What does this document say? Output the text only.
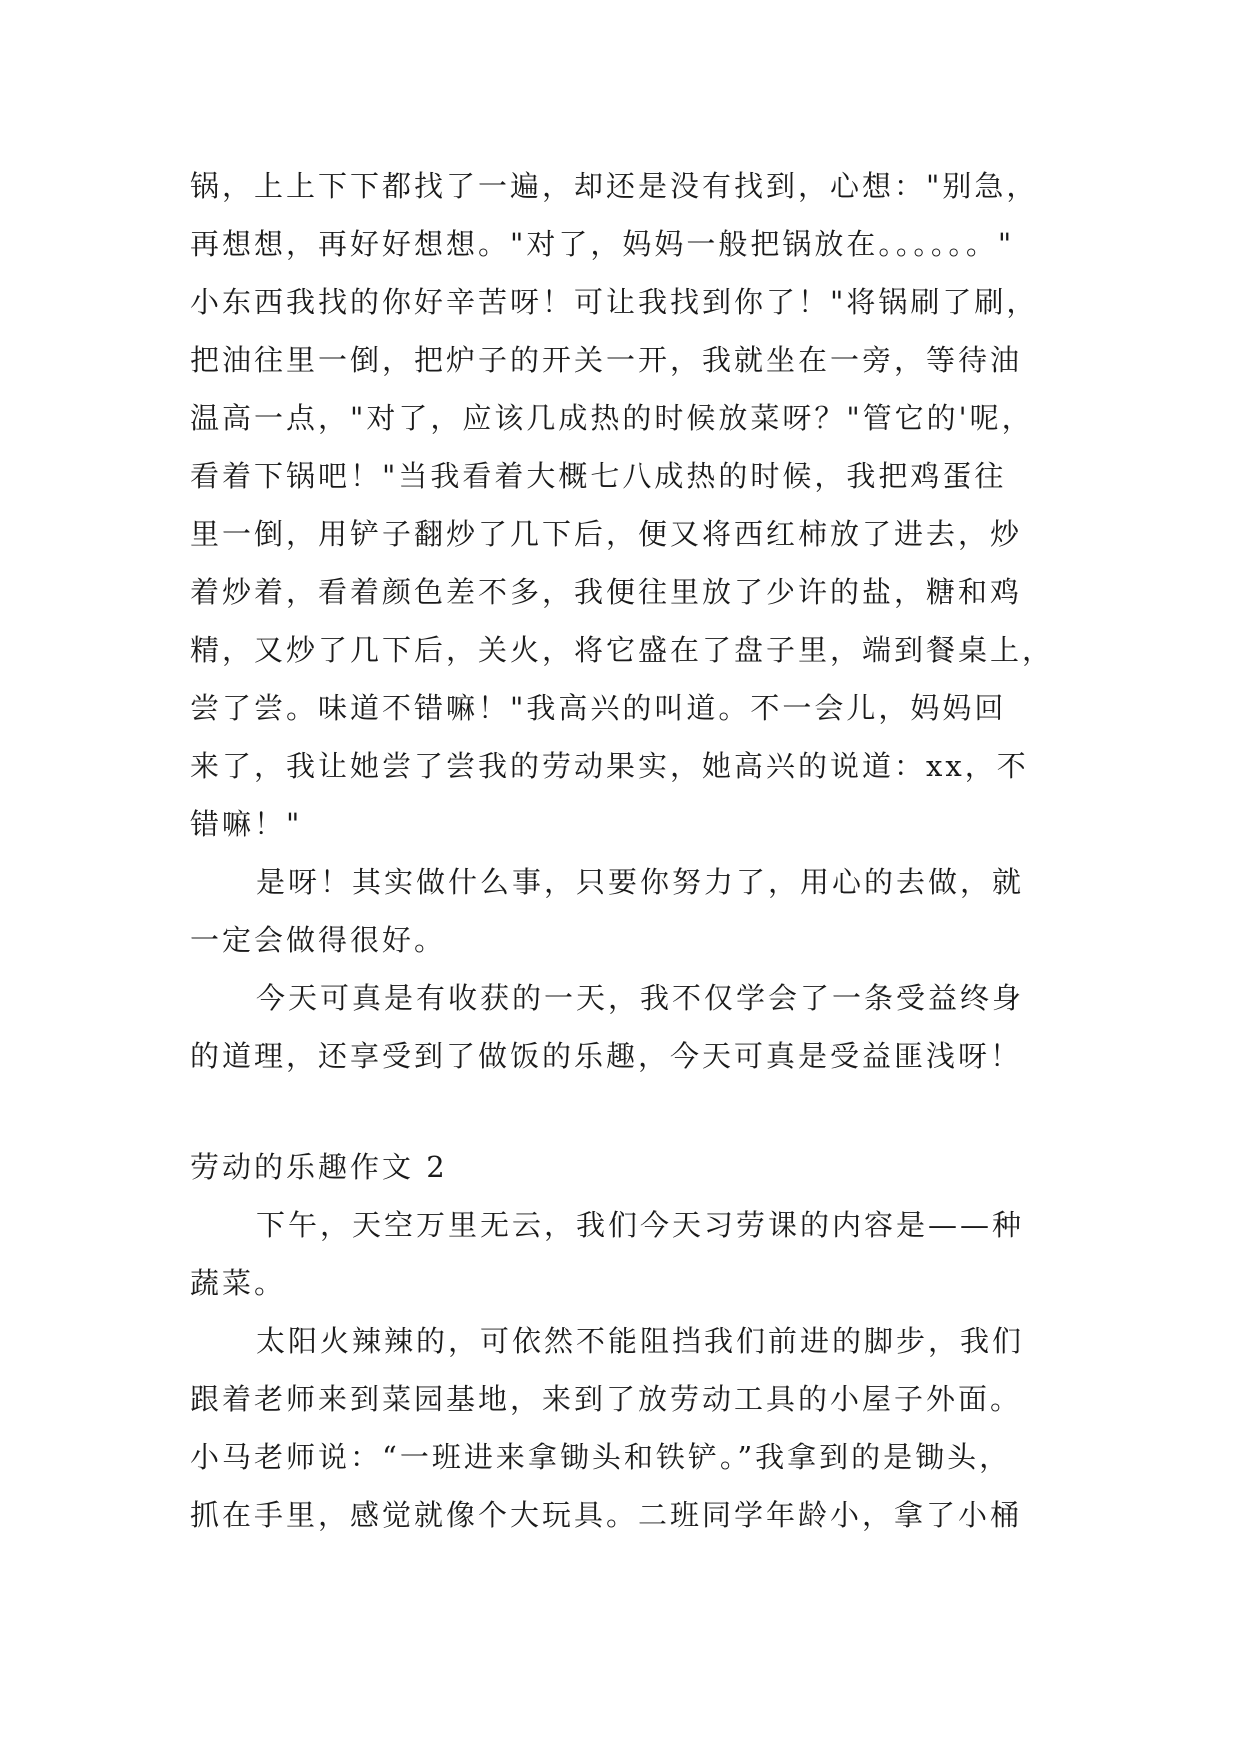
锅，上上下下都找了一遍，却还是没有找到，心想："别急，
再想想，再好好想想。"对了，妈妈一般把锅放在。。。。。。"
小东西我找的你好辛苦呀！可让我找到你了！"将锅刷了刷，
把油往里一倒，把炉子的开关一开，我就坐在一旁，等待油
温高一点，"对了，应该几成热的时候放菜呀？"管它的'呢，
看着下锅吧！"当我看着大概七八成热的时候，我把鸡蛋往
里一倒，用铲子翻炒了几下后，便又将西红柿放了进去，炒
着炒着，看着颜色差不多，我便往里放了少许的盐，糖和鸡
精，又炒了几下后，关火，将它盛在了盘子里，端到餐桌上，
尝了尝。味道不错嘛！"我高兴的叫道。不一会儿，妈妈回
来了，我让她尝了尝我的劳动果实，她高兴的说道：xx，不
错嘛！"
是呀！其实做什么事，只要你努力了，用心的去做，就
一定会做得很好。
今天可真是有收获的一天，我不仅学会了一条受益终身
的道理，还享受到了做饭的乐趣，今天可真是受益匪浅呀！
劳动的乐趣作文 2
下午，天空万里无云，我们今天习劳课的内容是——种
蔬菜。
太阳火辣辣的，可依然不能阻挡我们前进的脚步，我们
跟着老师来到菜园基地，来到了放劳动工具的小屋子外面。
小马老师说：“一班进来拿锄头和铁铲。”我拿到的是锄头，
抓在手里，感觉就像个大玩具。二班同学年龄小，拿了小桶
